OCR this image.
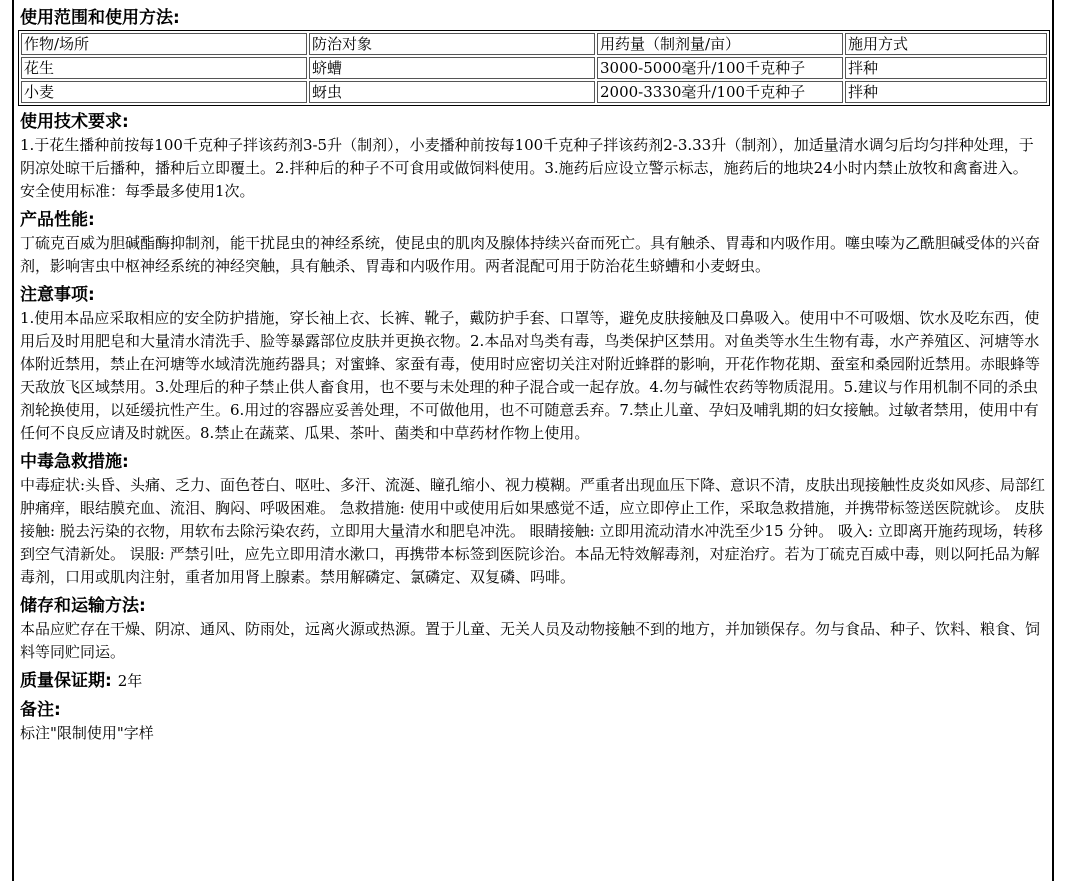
使用范围和使用方法:
作物/场所	防治对象	用药量（制剂量/亩）	施用方式
花生	蛴螬	3000-5000毫升/100千克种子	拌种
小麦	蚜虫	2000-3330毫升/100千克种子	拌种
使用技术要求:

1.于花生播种前按每100千克种子拌该药剂3-5升（制剂），小麦播种前按每100千克种子拌该药剂2-3.33升（制剂），加适量清水调匀后均匀拌种处理，于阴凉处晾干后播种，播种后立即覆土。2.拌种后的种子不可食用或做饲料使用。3.施药后应设立警示标志，施药后的地块24小时内禁止放牧和禽畜进入。 安全使用标准：每季最多使用1次。

产品性能:

丁硫克百威为胆碱酯酶抑制剂，能干扰昆虫的神经系统，使昆虫的肌肉及腺体持续兴奋而死亡。具有触杀、胃毒和内吸作用。噻虫嗪为乙酰胆碱受体的兴奋剂，影响害虫中枢神经系统的神经突触，具有触杀、胃毒和内吸作用。两者混配可用于防治花生蛴螬和小麦蚜虫。

注意事项:

1.使用本品应采取相应的安全防护措施，穿长袖上衣、长裤、靴子，戴防护手套、口罩等，避免皮肤接触及口鼻吸入。使用中不可吸烟、饮水及吃东西，使用后及时用肥皂和大量清水清洗手、脸等暴露部位皮肤并更换衣物。2.本品对鸟类有毒，鸟类保护区禁用。对鱼类等水生生物有毒，水产养殖区、河塘等水体附近禁用，禁止在河塘等水域清洗施药器具；对蜜蜂、家蚕有毒，使用时应密切关注对附近蜂群的影响，开花作物花期、蚕室和桑园附近禁用。赤眼蜂等天敌放飞区域禁用。3.处理后的种子禁止供人畜食用，也不要与未处理的种子混合或一起存放。4.勿与碱性农药等物质混用。5.建议与作用机制不同的杀虫剂轮换使用，以延缓抗性产生。6.用过的容器应妥善处理，不可做他用，也不可随意丢弃。7.禁止儿童、孕妇及哺乳期的妇女接触。过敏者禁用，使用中有任何不良反应请及时就医。8.禁止在蔬菜、瓜果、茶叶、菌类和中草药材作物上使用。

中毒急救措施:

中毒症状:头昏、头痛、乏力、面色苍白、呕吐、多汗、流涎、瞳孔缩小、视力模糊。严重者出现血压下降、意识不清，皮肤出现接触性皮炎如风疹、局部红肿痛痒，眼结膜充血、流泪、胸闷、呼吸困难。 急救措施: 使用中或使用后如果感觉不适，应立即停止工作，采取急救措施，并携带标签送医院就诊。 皮肤接触: 脱去污染的衣物，用软布去除污染农药，立即用大量清水和肥皂冲洗。 眼睛接触: 立即用流动清水冲洗至少15 分钟。 吸入: 立即离开施药现场，转移到空气清新处。 误服: 严禁引吐，应先立即用清水漱口，再携带本标签到医院诊治。本品无特效解毒剂，对症治疗。若为丁硫克百威中毒，则以阿托品为解毒剂，口用或肌肉注射，重者加用肾上腺素。禁用解磷定、氯磷定、双复磷、吗啡。

储存和运输方法:

本品应贮存在干燥、阴凉、通风、防雨处，远离火源或热源。置于儿童、无关人员及动物接触不到的地方，并加锁保存。勿与食品、种子、饮料、粮食、饲料等同贮同运。

质量保证期: 2年
备注:

标注"限制使用"字样
